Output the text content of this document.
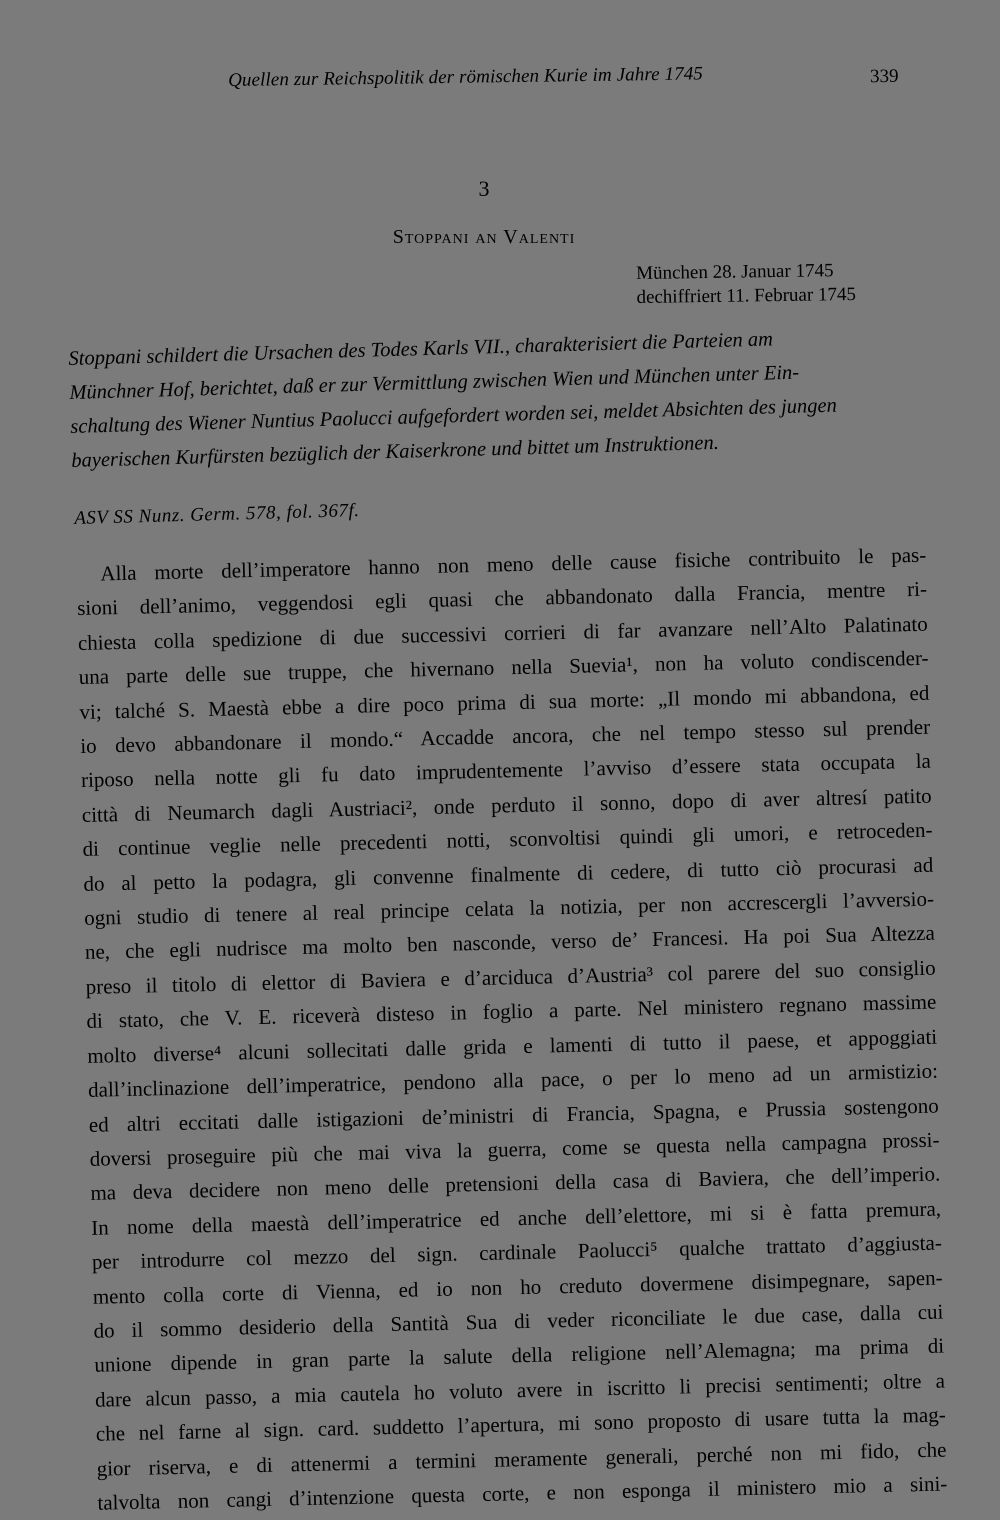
Quellen zur Reichspolitik der römischen Kurie im Jahre 1745	339
3
Stoppani an Valenti
München 28. Januar 1745
dechiffriert 11. Februar 1745
Stoppani schildert die Ursachen des Todes Karls VII., charakterisiert die Parteien am
Münchner Hof, berichtet, daß er zur Vermittlung zwischen Wien und München unter Ein-
schaltung des Wiener Nuntius Paolucci aufgefordert worden sei, meldet Absichten des jungen
bayerischen Kurfürsten bezüglich der Kaiserkrone und bittet um Instruktionen.
ASV SS Nunz. Germ. 578, fol. 367f.
Alla morte dell’imperatore hanno non meno delle cause fisiche contribuito le pas-
sioni dell’animo, veggendosi egli quasi che abbandonato dalla Francia, mentre ri-
chiesta colla spedizione di due successivi corrieri di far avanzare nell’Alto Palatinato
una parte delle sue truppe, che hivernano nella Suevia¹, non ha voluto condiscender-
vi; talché S. Maestà ebbe a dire poco prima di sua morte: „Il mondo mi abbandona, ed
io devo abbandonare il mondo.“ Accadde ancora, che nel tempo stesso sul prender
riposo nella notte gli fu dato imprudentemente l’avviso d’essere stata occupata la
città di Neumarch dagli Austriaci², onde perduto il sonno, dopo di aver altresí patito
di continue veglie nelle precedenti notti, sconvoltisi quindi gli umori, e retroceden-
do al petto la podagra, gli convenne finalmente di cedere, di tutto ciò procurasi ad
ogni studio di tenere al real principe celata la notizia, per non accrescergli l’avversio-
ne, che egli nudrisce ma molto ben nasconde, verso de’ Francesi. Ha poi Sua Altezza
preso il titolo di elettor di Baviera e d’arciduca d’Austria³ col parere del suo consiglio
di stato, che V. E. riceverà disteso in foglio a parte. Nel ministero regnano massime
molto diverse⁴ alcuni sollecitati dalle grida e lamenti di tutto il paese, et appoggiati
dall’inclinazione dell’imperatrice, pendono alla pace, o per lo meno ad un armistizio:
ed altri eccitati dalle istigazioni de’ministri di Francia, Spagna, e Prussia sostengono
doversi proseguire più che mai viva la guerra, come se questa nella campagna prossi-
ma deva decidere non meno delle pretensioni della casa di Baviera, che dell’imperio.
In nome della maestà dell’imperatrice ed anche dell’elettore, mi si è fatta premura,
per introdurre col mezzo del sign. cardinale Paolucci⁵ qualche trattato d’aggiusta-
mento colla corte di Vienna, ed io non ho creduto dovermene disimpegnare, sapen-
do il sommo desiderio della Santità Sua di veder riconciliate le due case, dalla cui
unione dipende in gran parte la salute della religione nell’Alemagna; ma prima di
dare alcun passo, a mia cautela ho voluto avere in iscritto li precisi sentimenti; oltre a
che nel farne al sign. card. suddetto l’apertura, mi sono proposto di usare tutta la mag-
gior riserva, e di attenermi a termini meramente generali, perché non mi fido, che
talvolta non cangi d’intenzione questa corte, e non esponga il ministero mio a sini-
